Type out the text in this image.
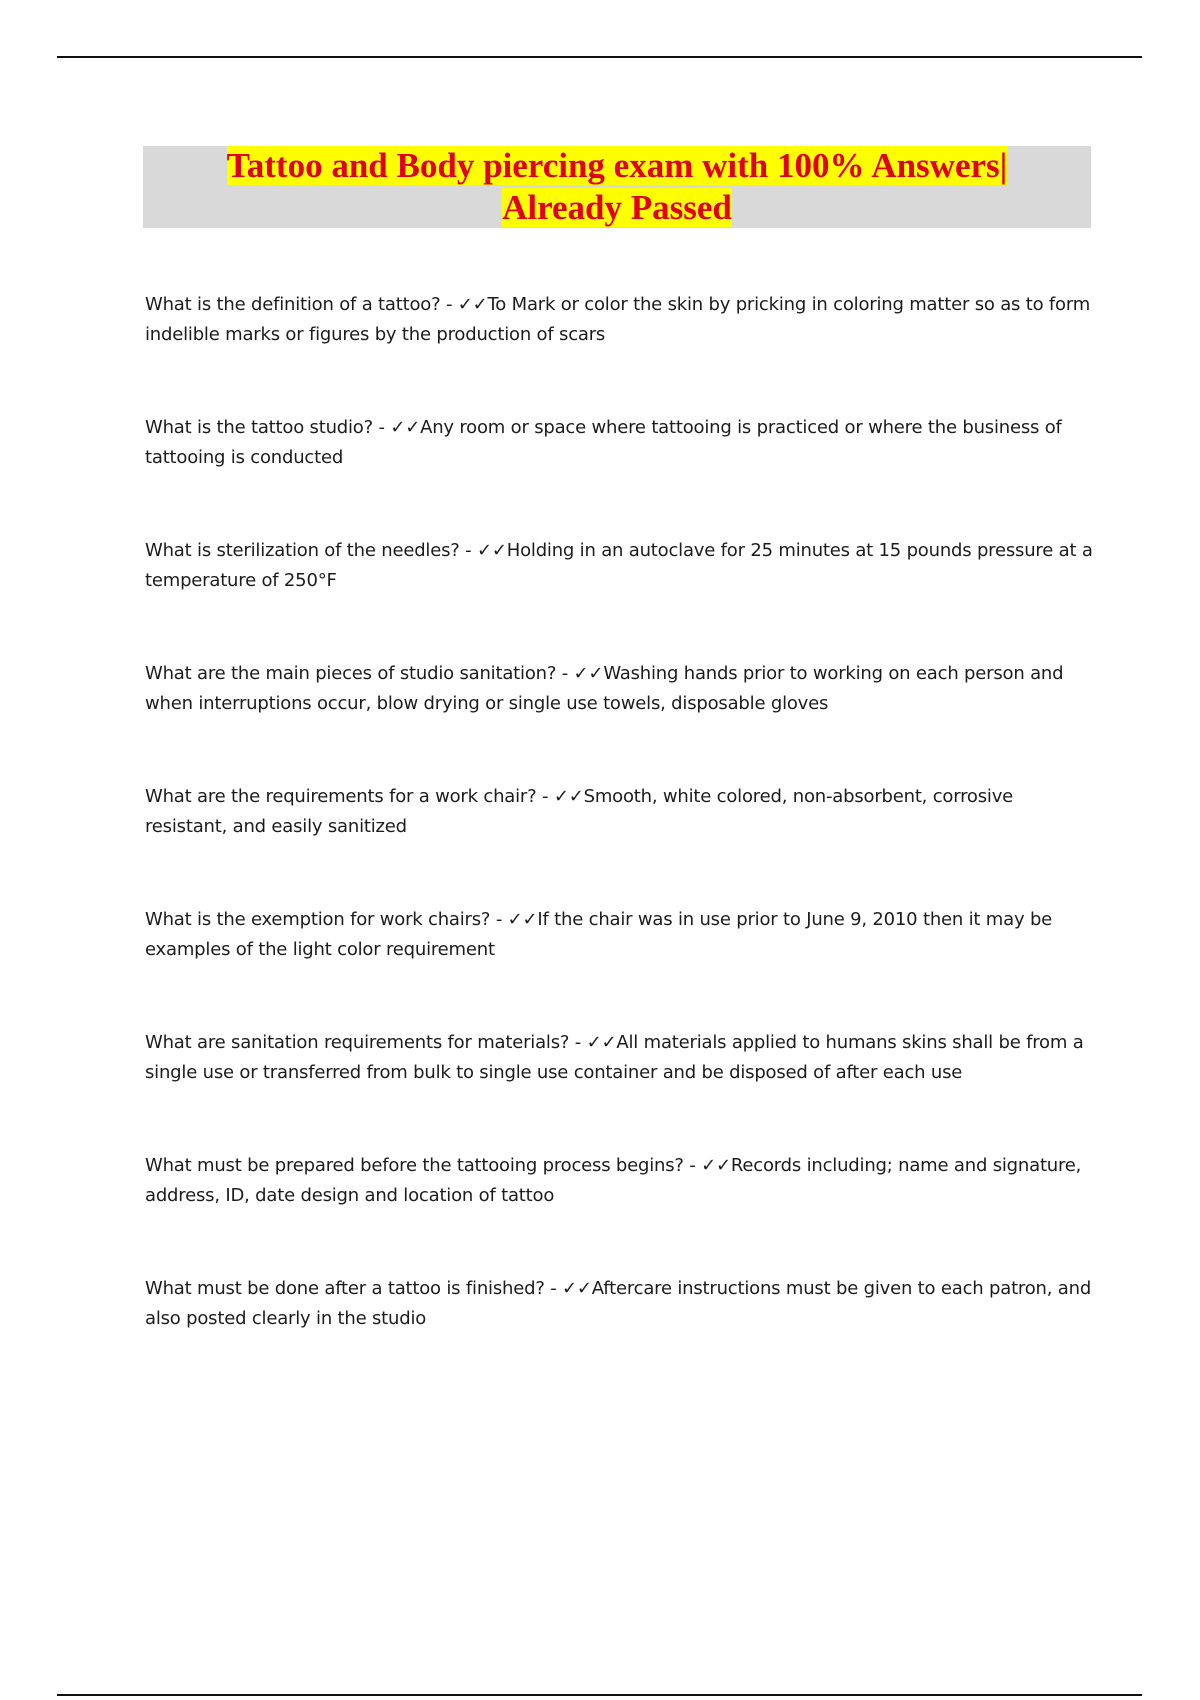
Tattoo and Body piercing exam with 100% Answers|
Already Passed
What is the definition of a tattoo? - ✓✓To Mark or color the skin by pricking in coloring matter so as to form indelible marks or figures by the production of scars
What is the tattoo studio? - ✓✓Any room or space where tattooing is practiced or where the business of tattooing is conducted
What is sterilization of the needles? - ✓✓Holding in an autoclave for 25 minutes at 15 pounds pressure at a temperature of 250°F
What are the main pieces of studio sanitation? - ✓✓Washing hands prior to working on each person and when interruptions occur, blow drying or single use towels, disposable gloves
What are the requirements for a work chair? - ✓✓Smooth, white colored, non-absorbent, corrosive resistant, and easily sanitized
What is the exemption for work chairs? - ✓✓If the chair was in use prior to June 9, 2010 then it may be examples of the light color requirement
What are sanitation requirements for materials? - ✓✓All materials applied to humans skins shall be from a single use or transferred from bulk to single use container and be disposed of after each use
What must be prepared before the tattooing process begins? - ✓✓Records including; name and signature, address, ID, date design and location of tattoo
What must be done after a tattoo is finished? - ✓✓Aftercare instructions must be given to each patron, and also posted clearly in the studio
